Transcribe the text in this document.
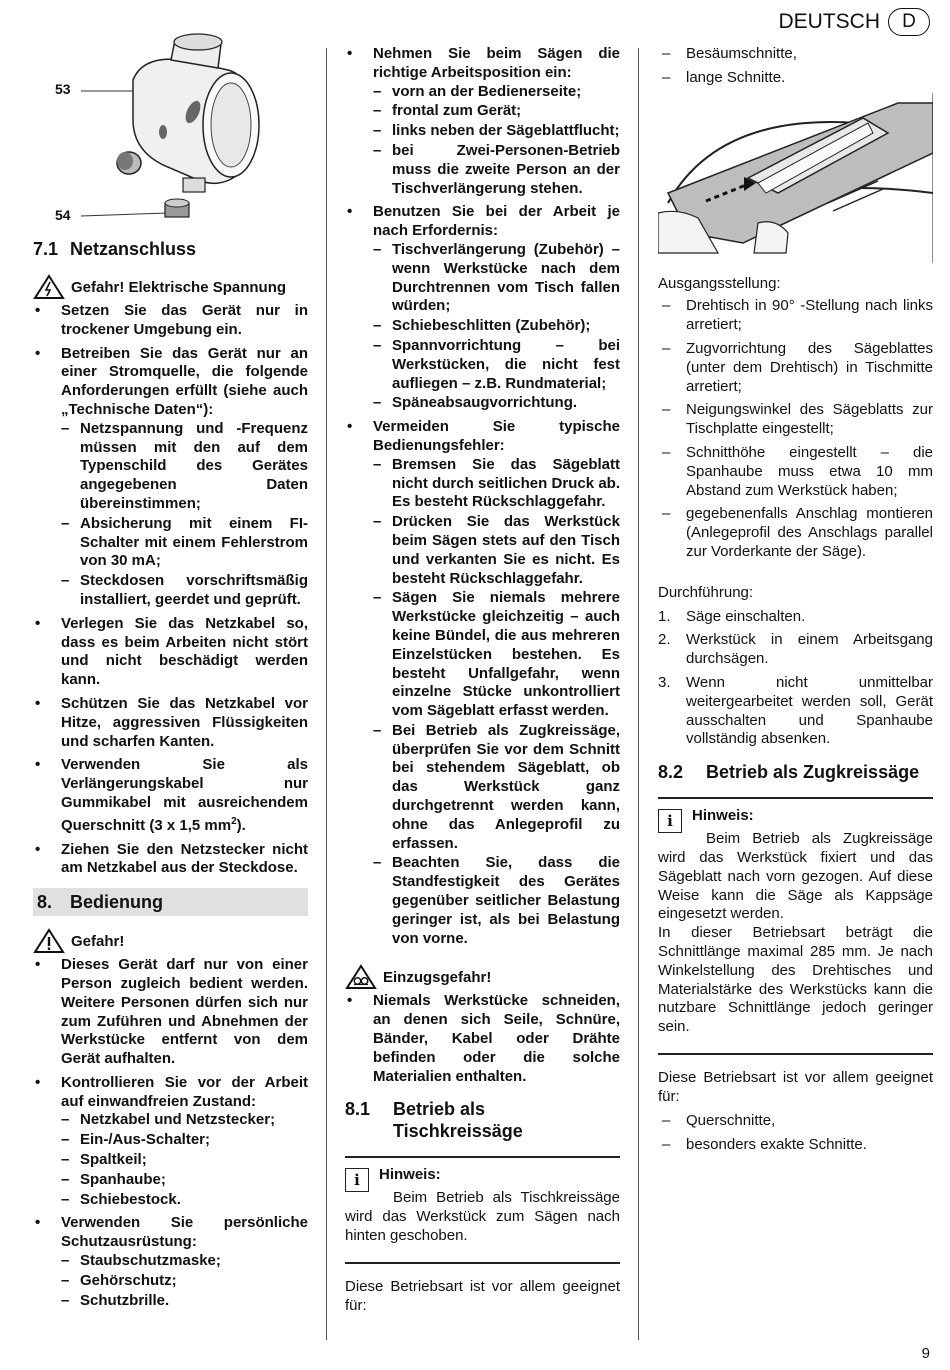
DEUTSCH	D
53
54
7.1 Netzanschluss
Gefahr! Elektrische Spannung
• Setzen Sie das Gerät nur in trockener Umgebung ein.
• Betreiben Sie das Gerät nur an einer Stromquelle, die folgende Anforderungen erfüllt (siehe auch „Technische Daten“):
– Netzspannung und -Frequenz müssen mit den auf dem Typenschild des Gerätes angegebenen Daten übereinstimmen;
– Absicherung mit einem FI-Schalter mit einem Fehlerstrom von 30 mA;
– Steckdosen vorschriftsmäßig installiert, geerdet und geprüft.
• Verlegen Sie das Netzkabel so, dass es beim Arbeiten nicht stört und nicht beschädigt werden kann.
• Schützen Sie das Netzkabel vor Hitze, aggressiven Flüssigkeiten und scharfen Kanten.
• Verwenden Sie als Verlängerungskabel nur Gummikabel mit ausreichendem Querschnitt (3 x 1,5 $mm^2$).
• Ziehen Sie den Netzstecker nicht am Netzkabel aus der Steckdose.
8. Bedienung
Gefahr!
• Dieses Gerät darf nur von einer Person zugleich bedient werden. Weitere Personen dürfen sich nur zum Zuführen und Abnehmen der Werkstücke entfernt von dem Gerät aufhalten.
• Kontrollieren Sie vor der Arbeit auf einwandfreien Zustand:
– Netzkabel und Netzstecker;
– Ein-/Aus-Schalter;
– Spaltkeil;
– Spanhaube;
– Schiebestock.
• Verwenden Sie persönliche Schutzausrüstung:
– Staubschutzmaske;
– Gehörschutz;
– Schutzbrille.
• Nehmen Sie beim Sägen die richtige Arbeitsposition ein:
– vorn an der Bedienerseite;
– frontal zum Gerät;
– links neben der Sägeblattflucht;
– bei Zwei-Personen-Betrieb muss die zweite Person an der Tischverlängerung stehen.
• Benutzen Sie bei der Arbeit je nach Erfordernis:
– Tischverlängerung (Zubehör) – wenn Werkstücke nach dem Durchtrennen vom Tisch fallen würden;
– Schiebeschlitten (Zubehör);
– Spannvorrichtung – bei Werkstücken, die nicht fest aufliegen – z.B. Rundmaterial;
– Späneabsaugvorrichtung.
• Vermeiden Sie typische Bedienungsfehler:
– Bremsen Sie das Sägeblatt nicht durch seitlichen Druck ab. Es besteht Rückschlaggefahr.
– Drücken Sie das Werkstück beim Sägen stets auf den Tisch und verkanten Sie es nicht. Es besteht Rückschlaggefahr.
– Sägen Sie niemals mehrere Werkstücke gleichzeitig – auch keine Bündel, die aus mehreren Einzelstücken bestehen. Es besteht Unfallgefahr, wenn einzelne Stücke unkontrolliert vom Sägeblatt erfasst werden.
– Bei Betrieb als Zugkreissäge, überprüfen Sie vor dem Schnitt bei stehendem Sägeblatt, ob das Werkstück ganz durchgetrennt werden kann, ohne das Anlegeprofil zu erfassen.
– Beachten Sie, dass die Standfestigkeit des Gerätes gegenüber seitlicher Belastung geringer ist, als bei Belastung von vorne.
Einzugsgefahr!
• Niemals Werkstücke schneiden, an denen sich Seile, Schnüre, Bänder, Kabel oder Drähte befinden oder die solche Materialien enthalten.
8.1	Betrieb als Tischkreissäge
i	Hinweis:

Beim Betrieb als Tischkreissäge wird das Werkstück zum Sägen nach hinten geschoben.

Diese Betriebsart ist vor allem geeignet für:

– Besäumschnitte,
– lange Schnitte.

Ausgangsstellung:

– Drehtisch in 90° -Stellung nach links arretiert;
– Zugvorrichtung des Sägeblattes (unter dem Drehtisch) in Tischmitte arretiert;
– Neigungswinkel des Sägeblatts zur Tischplatte eingestellt;
– Schnitthöhe eingestellt – die Spanhaube muss etwa 10 mm Abstand zum Werkstück haben;
– gegebenenfalls Anschlag montieren (Anlegeprofil des Anschlags parallel zur Vorderkante der Säge).

Durchführung:

1. Säge einschalten.
2. Werkstück in einem Arbeitsgang durchsägen.
3. Wenn nicht unmittelbar weitergearbeitet werden soll, Gerät ausschalten und Spanhaube vollständig absenken.
8.2	Betrieb als Zugkreissäge
i	Hinweis:

Beim Betrieb als Zugkreissäge wird das Werkstück fixiert und das Sägeblatt nach vorn gezogen. Auf diese Weise kann die Säge als Kappsäge eingesetzt werden.

In dieser Betriebsart beträgt die Schnittlänge maximal 285 mm. Je nach Winkelstellung des Drehtisches und Materialstärke des Werkstücks kann die nutzbare Schnittlänge jedoch geringer sein.

Diese Betriebsart ist vor allem geeignet für:

– Querschnitte,
– besonders exakte Schnitte.
9
